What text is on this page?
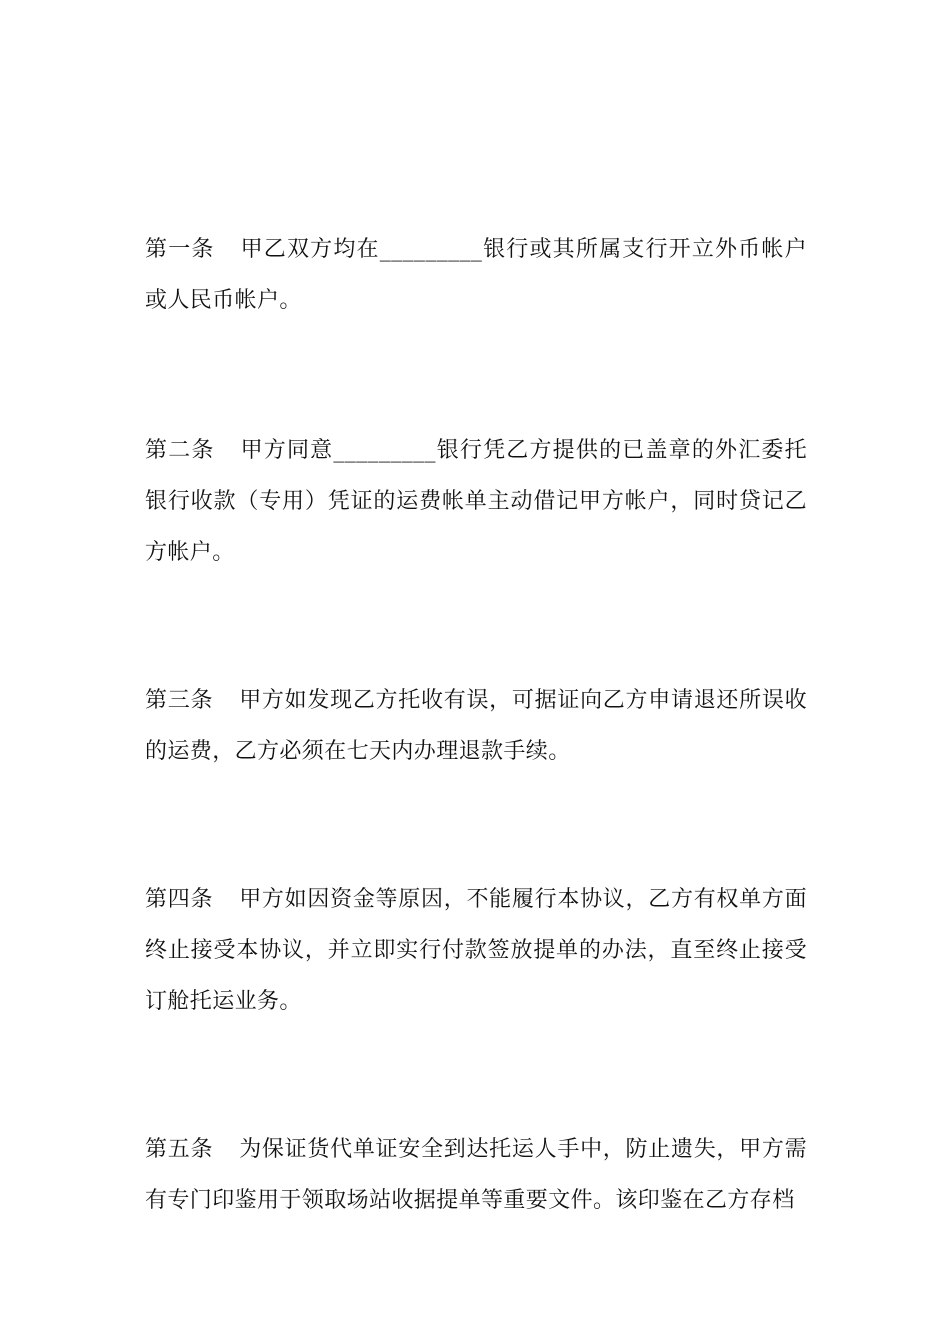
第一条 甲乙双方均在_________银行或其所属支行开立外币帐户或人民币帐户。

第二条 甲方同意_________银行凭乙方提供的已盖章的外汇委托银行收款（专用）凭证的运费帐单主动借记甲方帐户，同时贷记乙方帐户。

第三条 甲方如发现乙方托收有误，可据证向乙方申请退还所误收的运费，乙方必须在七天内办理退款手续。

第四条 甲方如因资金等原因，不能履行本协议，乙方有权单方面终止接受本协议，并立即实行付款签放提单的办法，直至终止接受订舱托运业务。

第五条 为保证货代单证安全到达托运人手中，防止遗失，甲方需有专门印鉴用于领取场站收据提单等重要文件。该印鉴在乙方存档
